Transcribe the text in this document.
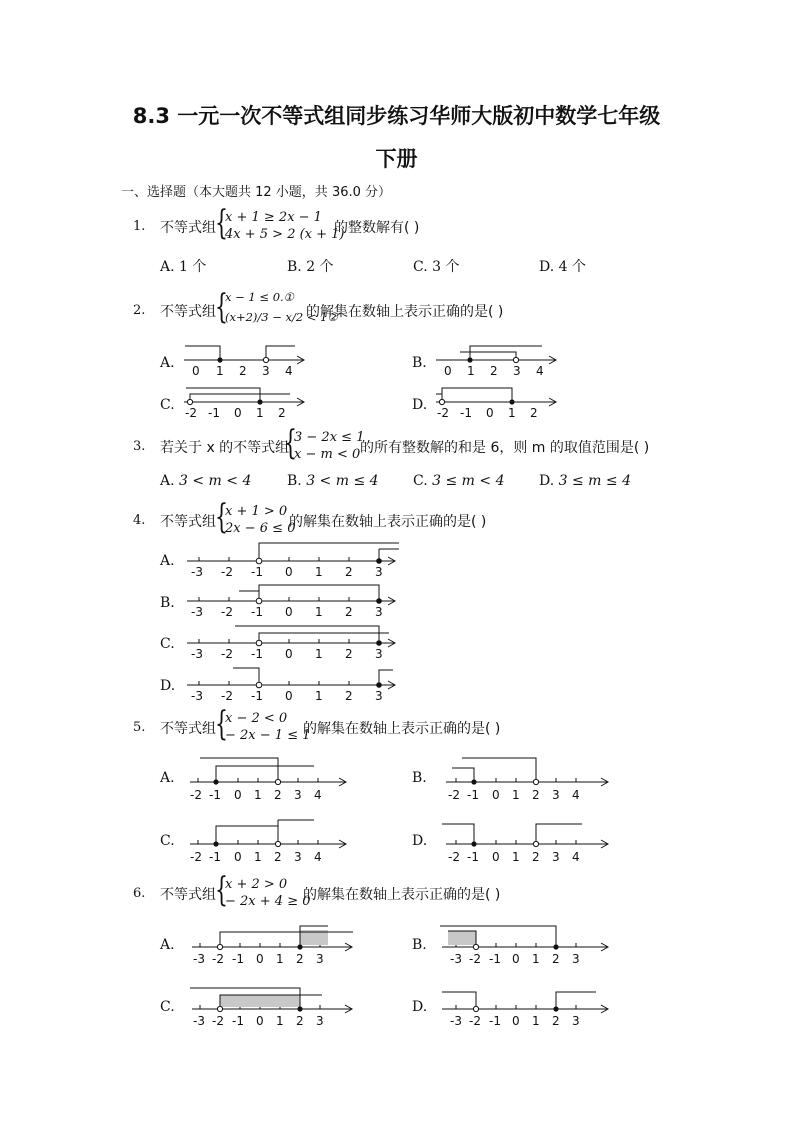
8.3 一元一次不等式组同步练习华师大版初中数学七年级
下册
一、选择题（本大题共 12 小题，共 36.0 分）
1. 不等式组 {
x + 1 ≥ 2x − 1
4x + 5 > 2 (x + 1)
的整数解有( )
A. 1 个	B. 2 个	C. 3 个	D. 4 个
2. 不等式组 {
x − 1 ≤ 0.①
(x+2)/3 − x/2 < 1②
的解集在数轴上表示正确的是( )
A. 0 1 2 3 4	B. 0 1 2 3 4
C. -2 -1 0 1 2	D. -2 -1 0 1 2
3. 若关于 x 的不等式组
{
3 − 2x ≤ 1
x − m < 0 的所有整数解的和是 6，则 m 的取值范围是( )
A. 3 < m < 4	B. 3 < m ≤ 4 C. 3 ≤ m < 4 D. 3 ≤ m ≤ 4
4. 不等式组 {
x + 1 > 0
2x − 6 ≤ 0
的解集在数轴上表示正确的是( )
A.
-3 -2 -1 0 1 2 3
B.
-3 -2 -1 0 1 2 3
C.
-3 -2 -1 0 1 2 3
D.
-3 -2 -1 0 1 2 3
5. 不等式组 {
x − 2 < 0
− 2x − 1 ≤ 1
的解集在数轴上表示正确的是( )
A.
-2 -1 0 1 2 3 4
B.
-2 -1 0 1 2 3 4
C.
-2 -1 0 1 2 3 4
D.
-2 -1 0 1 2 3 4
6. 不等式组 {
x + 2 > 0
− 2x + 4 ≥ 0
的解集在数轴上表示正确的是( )
A.
-3 -2 -1 0 1 2 3
B.
-3 -2 -1 0 1 2 3
C.
-3 -2 -1 0 1 2 3
D.
-3 -2 -1 0 1 2 3
